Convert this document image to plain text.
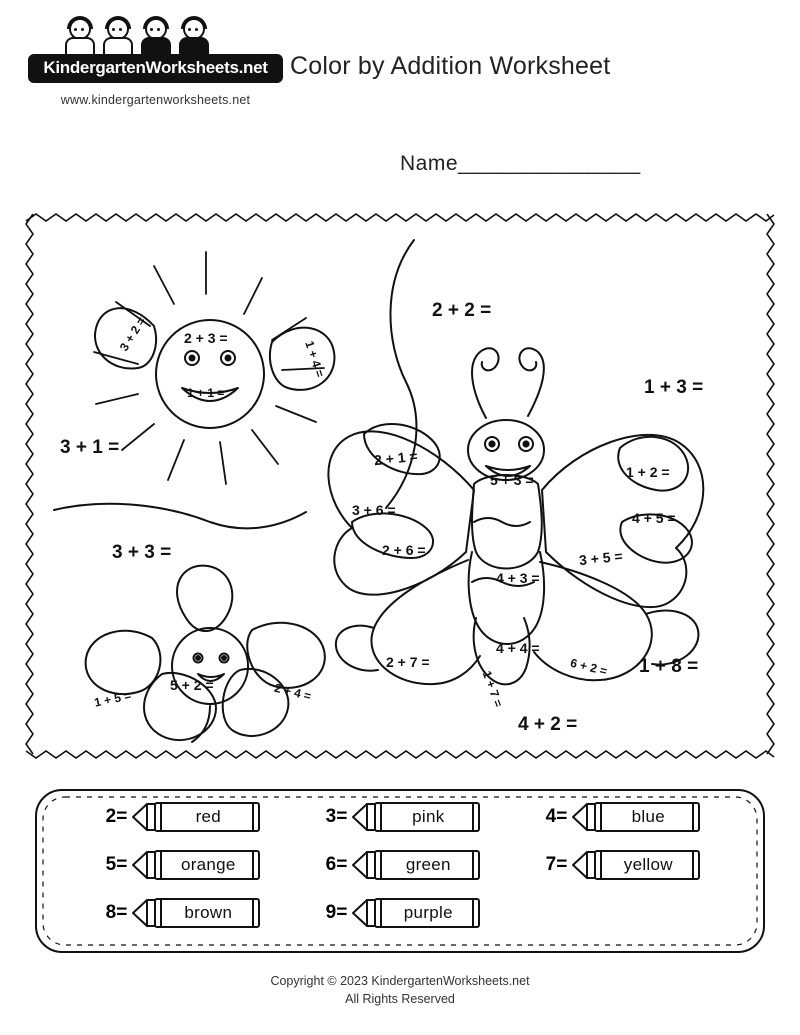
KindergartenWorksheets.net
www.kindergartenworksheets.net
Color by Addition Worksheet
Name_______________
3 + 2 =	2 + 3 =
1 + 4 =
1 + 1 =
3 + 1 =
3 + 3 =
1 + 5 =
5 + 2 =	2 + 4 =
2 + 2 =
1 + 3 =
2 + 1 =
5 + 3 =	1 + 2 =
3 + 6 =	4 + 5 =
2 + 6 =	3 + 5 =
4 + 3 =
4 + 4 =
2 + 7 =	6 + 2 = 1 + 8 =
1 + 7 =
4 + 2 =
2=	red	3=	pink	4=	blue
5=	orange	6=	green	7=	yellow
8=	brown	9=	purple
Copyright © 2023 KindergartenWorksheets.net
All Rights Reserved
